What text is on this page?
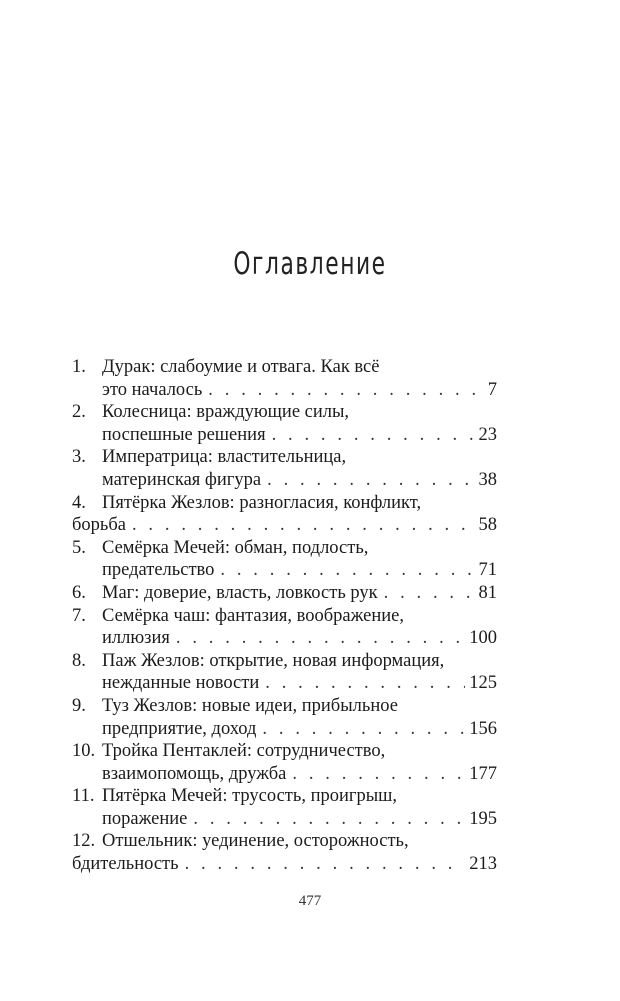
Оглавление
1. Дурак: слабоумие и отвага. Как всё
это началось . . .	7
2. Колесница: враждующие силы,
поспешные решения . . .	23
3. Императрица: властительница,
материнская фигура . . .	38
4. Пятёрка Жезлов: разногласия, конфликт,
борьба . . .	58
5. Семёрка Мечей: обман, подлость,
предательство . . .	71
6. Маг: доверие, власть, ловкость рук . . .	81
7. Семёрка чаш: фантазия, воображение,
иллюзия . . .	100
8. Паж Жезлов: открытие, новая информация,
нежданные новости . . .	125
9. Туз Жезлов: новые идеи, прибыльное
предприятие, доход . . .	156
10. Тройка Пентаклей: сотрудничество,
взаимопомощь, дружба . . .	177
11. Пятёрка Мечей: трусость, проигрыш,
поражение . . .	195
12. Отшельник: уединение, осторожность,
бдительность . . .	213
477
